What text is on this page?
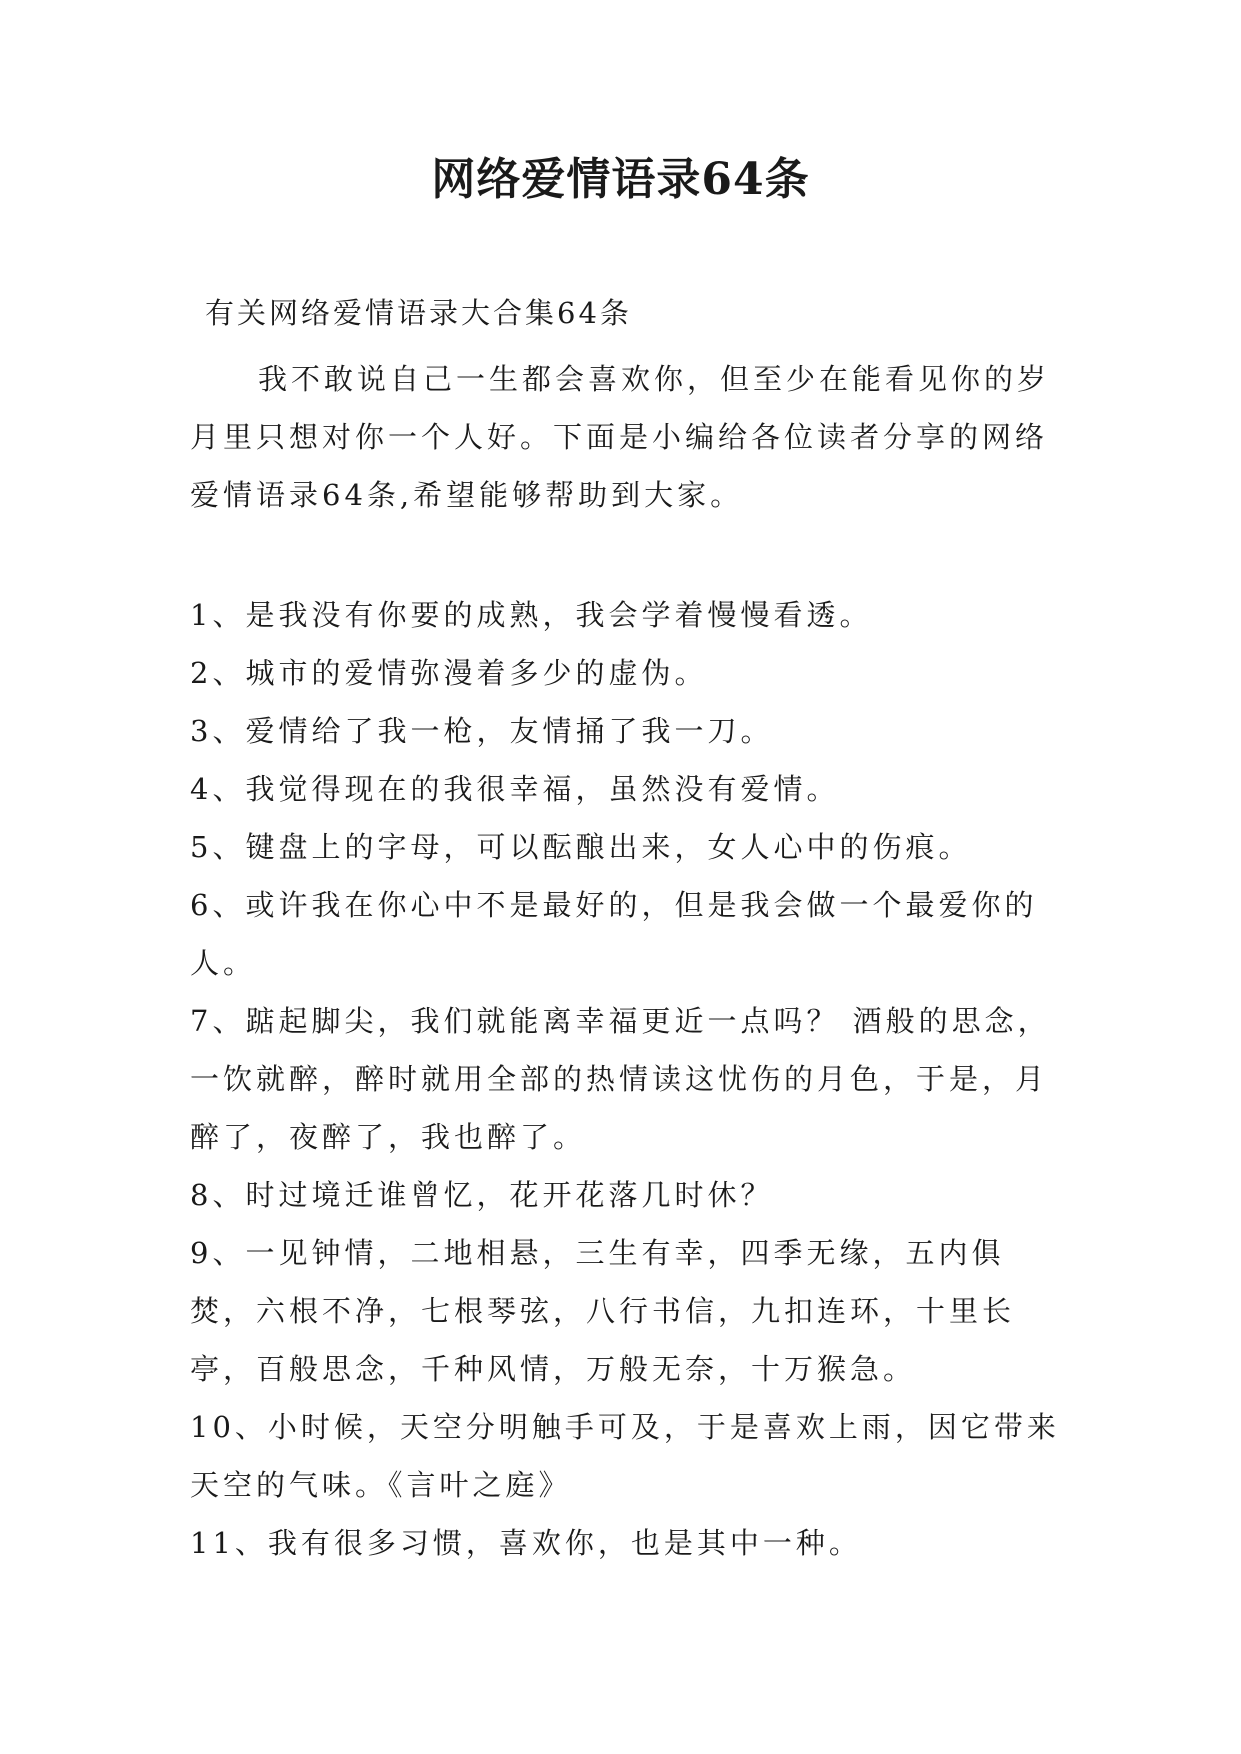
网络爱情语录64条

有关网络爱情语录大合集64条

我不敢说自己一生都会喜欢你，但至少在能看见你的岁月里只想对你一个人好。下面是小编给各位读者分享的网络爱情语录64条,希望能够帮助到大家。

1、是我没有你要的成熟，我会学着慢慢看透。
2、城市的爱情弥漫着多少的虚伪。
3、爱情给了我一枪，友情捅了我一刀。
4、我觉得现在的我很幸福，虽然没有爱情。
5、键盘上的字母，可以酝酿出来，女人心中的伤痕。
6、或许我在你心中不是最好的，但是我会做一个最爱你的人。
7、踮起脚尖，我们就能离幸福更近一点吗？ 酒般的思念，一饮就醉，醉时就用全部的热情读这忧伤的月色，于是，月醉了，夜醉了，我也醉了。
8、时过境迁谁曾忆，花开花落几时休？
9、一见钟情，二地相悬，三生有幸，四季无缘，五内俱焚，六根不净，七根琴弦，八行书信，九扣连环，十里长亭，百般思念，千种风情，万般无奈，十万猴急。
10、小时候，天空分明触手可及，于是喜欢上雨，因它带来天空的气味。《言叶之庭》
11、我有很多习惯，喜欢你，也是其中一种。
